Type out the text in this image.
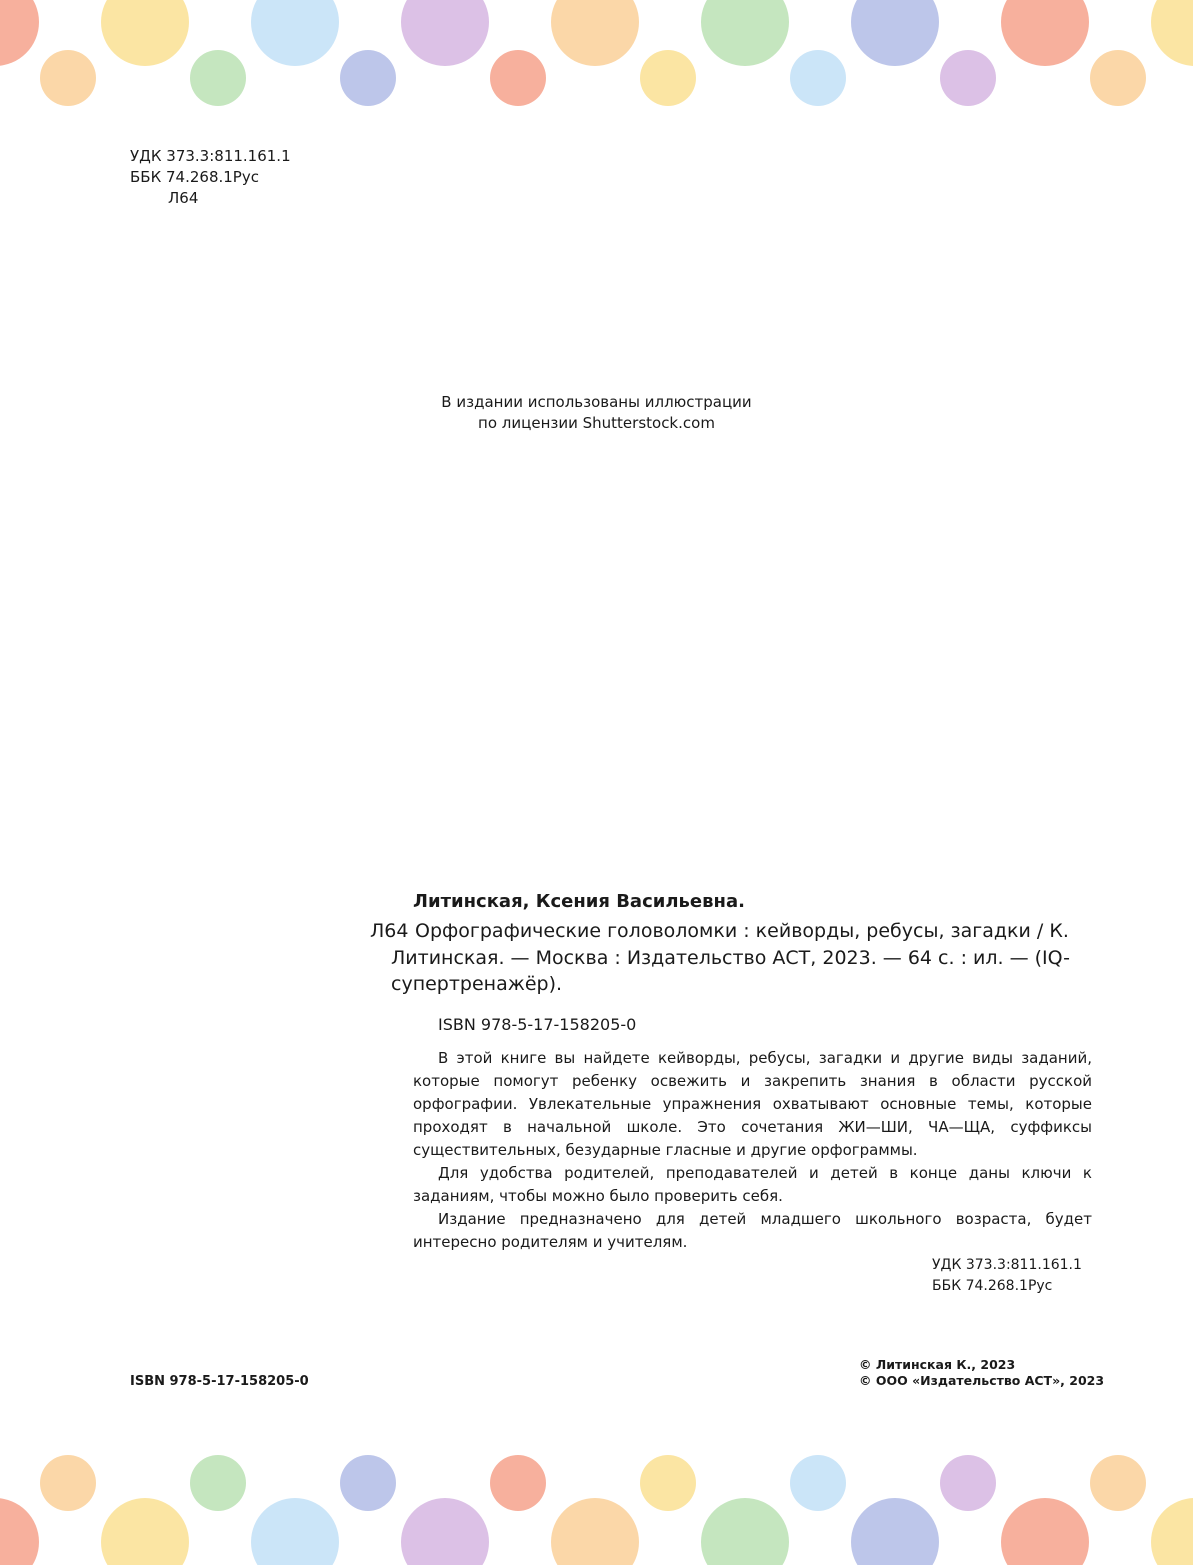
УДК 373.3:811.161.1
ББК 74.268.1Рус
Л64
В издании использованы иллюстрации
по лицензии Shutterstock.com
Литинская, Ксения Васильевна.
Л64 Орфографические головоломки : кейворды, ребусы, загадки / К. Литинская. — Москва : Издательство АСТ, 2023. — 64 с. : ил. — (IQ-супертренажёр).
ISBN 978-5-17-158205-0

В этой книге вы найдете кейворды, ребусы, загадки и другие виды заданий, которые помогут ребенку освежить и закрепить знания в области русской орфографии. Увлекательные упражнения охватывают основные темы, которые проходят в начальной школе. Это сочетания ЖИ—ШИ, ЧА—ЩА, суффиксы существительных, безударные гласные и другие орфограммы.

Для удобства родителей, преподавателей и детей в конце даны ключи к заданиям, чтобы можно было проверить себя.

Издание предназначено для детей младшего школьного возраста, будет интересно родителям и учителям.

УДК 373.3:811.161.1
ББК 74.268.1Рус
ISBN 978-5-17-158205-0
© Литинская К., 2023
© ООО «Издательство АСТ», 2023
